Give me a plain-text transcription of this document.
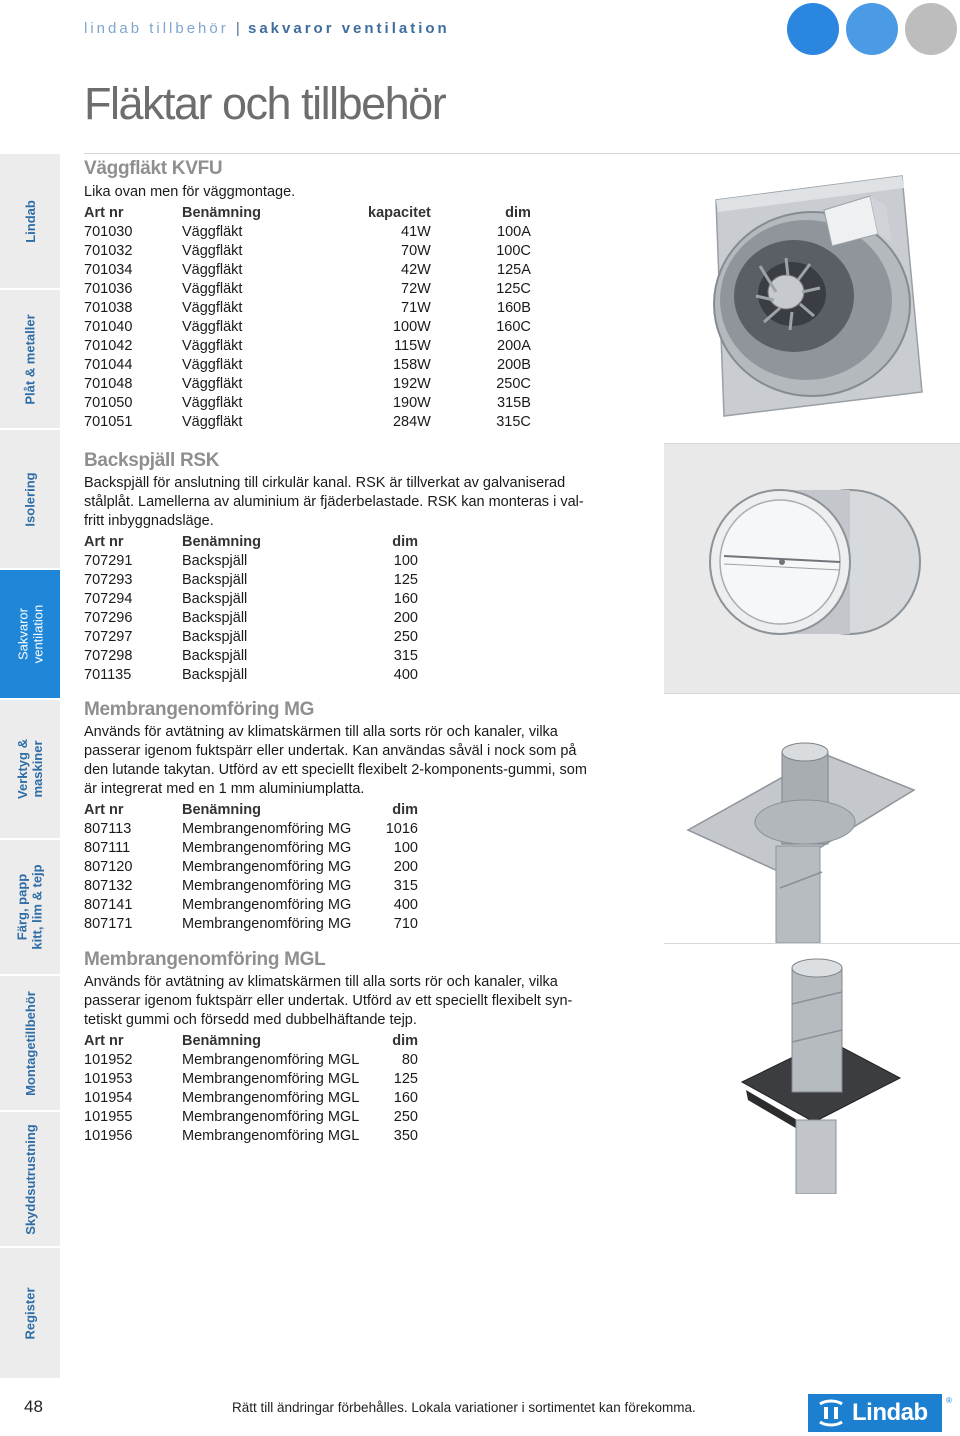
lindab tillbehör | sakvaror ventilation
Fläktar och tillbehör
Lindab
Plåt & metaller
Isolering
Sakvaror ventilation
Verktyg & maskiner
Färg, papp kitt, lim & tejp
Montagetillbehör
Skyddsutrustning
Register
Väggfläkt KVFU

Lika ovan men för väggmontage.

Art nr	Benämning	kapacitet	dim
701030	Väggfläkt	41W	100A
701032	Väggfläkt	70W	100C
701034	Väggfläkt	42W	125A
701036	Väggfläkt	72W	125C
701038	Väggfläkt	71W	160B
701040	Väggfläkt	100W	160C
701042	Väggfläkt	115W	200A
701044	Väggfläkt	158W	200B
701048	Väggfläkt	192W	250C
701050	Väggfläkt	190W	315B
701051	Väggfläkt	284W	315C
Backspjäll RSK

Backspjäll för anslutning till cirkulär kanal. RSK är tillverkat av galvaniserad

stålplåt. Lamellerna av aluminium är fjäderbelastade. RSK kan monteras i val-

fritt inbyggnadsläge.

Art nr	Benämning	dim
707291	Backspjäll	100
707293	Backspjäll	125
707294	Backspjäll	160
707296	Backspjäll	200
707297	Backspjäll	250
707298	Backspjäll	315
701135	Backspjäll	400
Membrangenomföring MG

Används för avtätning av klimatskärmen till alla sorts rör och kanaler, vilka

passerar igenom fuktspärr eller undertak. Kan användas såväl i nock som på

den lutande takytan. Utförd av ett speciellt flexibelt 2-komponents-gummi, som

är integrerat med en 1 mm aluminiumplatta.

Art nr	Benämning	dim
807113	Membrangenomföring MG	1016
807111	Membrangenomföring MG	100
807120	Membrangenomföring MG	200
807132	Membrangenomföring MG	315
807141	Membrangenomföring MG	400
807171	Membrangenomföring MG	710
Membrangenomföring MGL

Används för avtätning av klimatskärmen till alla sorts rör och kanaler, vilka

passerar igenom fuktspärr eller undertak. Utförd av ett speciellt flexibelt syn-

tetiskt gummi och försedd med dubbelhäftande tejp.

Art nr	Benämning	dim
101952	Membrangenomföring MGL	80
101953	Membrangenomföring MGL	125
101954	Membrangenomföring MGL	160
101955	Membrangenomföring MGL	250
101956	Membrangenomföring MGL	350
48	Rätt till ändringar förbehålles. Lokala variationer i sortimentet kan förekomma.	Lindab ®
